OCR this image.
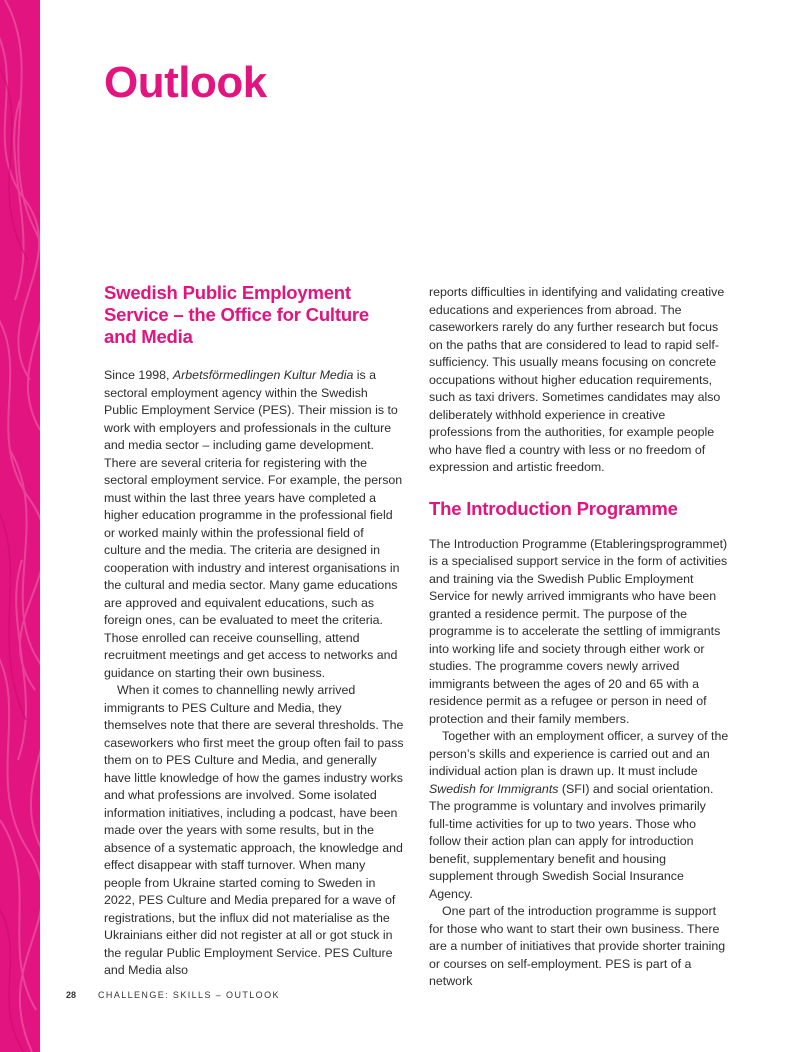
Outlook
Swedish Public Employment Service – the Office for Culture and Media

Since 1998, Arbetsförmedlingen Kultur Media is a sectoral employment agency within the Swedish Public Employment Service (PES). Their mission is to work with employers and professionals in the culture and media sector – including game development. There are several criteria for registering with the sectoral employment service. For example, the person must within the last three years have completed a higher education programme in the professional field or worked mainly within the professional field of culture and the media. The criteria are designed in cooperation with industry and interest organisations in the cultural and media sector. Many game educations are approved and equivalent educations, such as foreign ones, can be evaluated to meet the criteria. Those enrolled can receive counselling, attend recruitment meetings and get access to networks and guidance on starting their own business.

When it comes to channelling newly arrived immigrants to PES Culture and Media, they themselves note that there are several thresholds. The caseworkers who first meet the group often fail to pass them on to PES Culture and Media, and generally have little knowledge of how the games industry works and what professions are involved. Some isolated information initiatives, including a podcast, have been made over the years with some results, but in the absence of a systematic approach, the knowledge and effect disappear with staff turnover. When many people from Ukraine started coming to Sweden in 2022, PES Culture and Media prepared for a wave of registrations, but the influx did not materialise as the Ukrainians either did not register at all or got stuck in the regular Public Employment Service. PES Culture and Media also

reports difficulties in identifying and validating creative educations and experiences from abroad. The caseworkers rarely do any further research but focus on the paths that are considered to lead to rapid self-sufficiency. This usually means focusing on concrete occupations without higher education requirements, such as taxi drivers. Sometimes candidates may also deliberately withhold experience in creative professions from the authorities, for example people who have fled a country with less or no freedom of expression and artistic freedom.

The Introduction Programme

The Introduction Programme (Etableringsprogrammet) is a specialised support service in the form of activities and training via the Swedish Public Employment Service for newly arrived immigrants who have been granted a residence permit. The purpose of the programme is to accelerate the settling of immigrants into working life and society through either work or studies. The programme covers newly arrived immigrants between the ages of 20 and 65 with a residence permit as a refugee or person in need of protection and their family members.

Together with an employment officer, a survey of the person’s skills and experience is carried out and an individual action plan is drawn up. It must include Swedish for Immigrants (SFI) and social orientation. The programme is voluntary and involves primarily full-time activities for up to two years. Those who follow their action plan can apply for introduction benefit, supplementary benefit and housing supplement through Swedish Social Insurance Agency.

One part of the introduction programme is support for those who want to start their own business. There are a number of initiatives that provide shorter training or courses on self-employment. PES is part of a network

28 CHALLENGE: SKILLS – OUTLOOK
